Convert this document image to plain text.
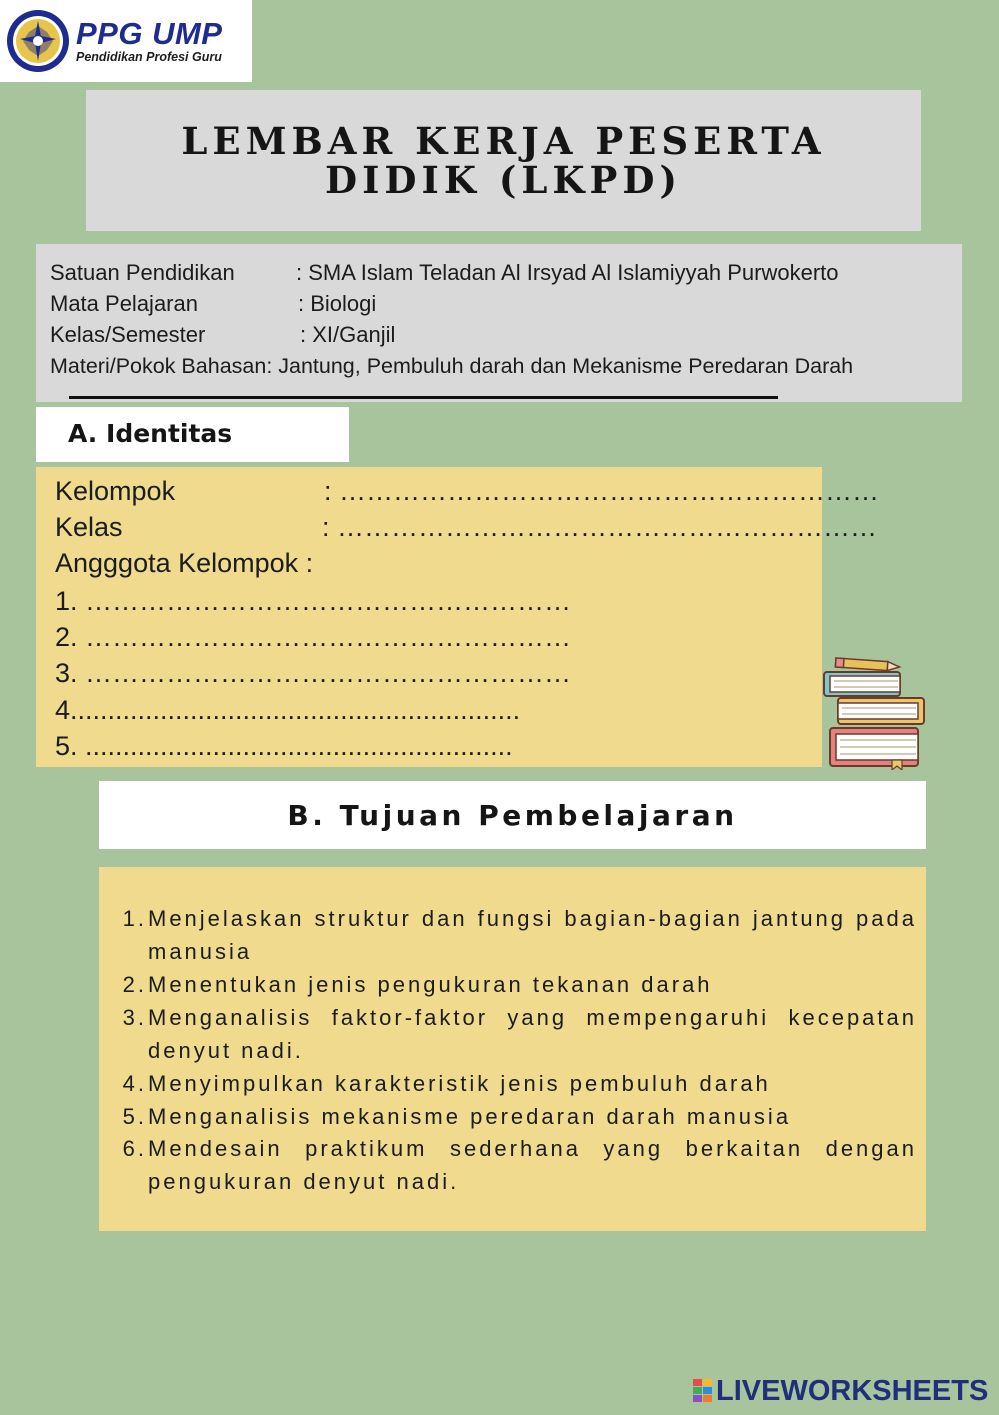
PPG UMP
Pendidikan Profesi Guru
LEMBAR KERJA PESERTA DIDIK (LKPD)
Satuan Pendidikan	: SMA Islam Teladan Al Irsyad Al Islamiyyah Purwokerto
Mata Pelajaran	: Biologi
Kelas/Semester	: XI/Ganjil
Materi/Pokok Bahasan: Jantung, Pembuluh darah dan Mekanisme Peredaran Darah
A. Identitas
Kelompok	: ……………………………………………………
Kelas	: ……………………………………………………
Angggota Kelompok :
1. ………………………………………………
2. ………………………………………………
3. ………………………………………………
4............................................................
5. .........................................................
B. Tujuan Pembelajaran
1. Menjelaskan struktur dan fungsi bagian-bagian jantung pada manusia
2. Menentukan jenis pengukuran tekanan darah
3. Menganalisis faktor-faktor yang mempengaruhi kecepatan denyut nadi.
4. Menyimpulkan karakteristik jenis pembuluh darah
5. Menganalisis mekanisme peredaran darah manusia
6. Mendesain praktikum sederhana yang berkaitan dengan pengukuran denyut nadi.
LIVEWORKSHEETS
